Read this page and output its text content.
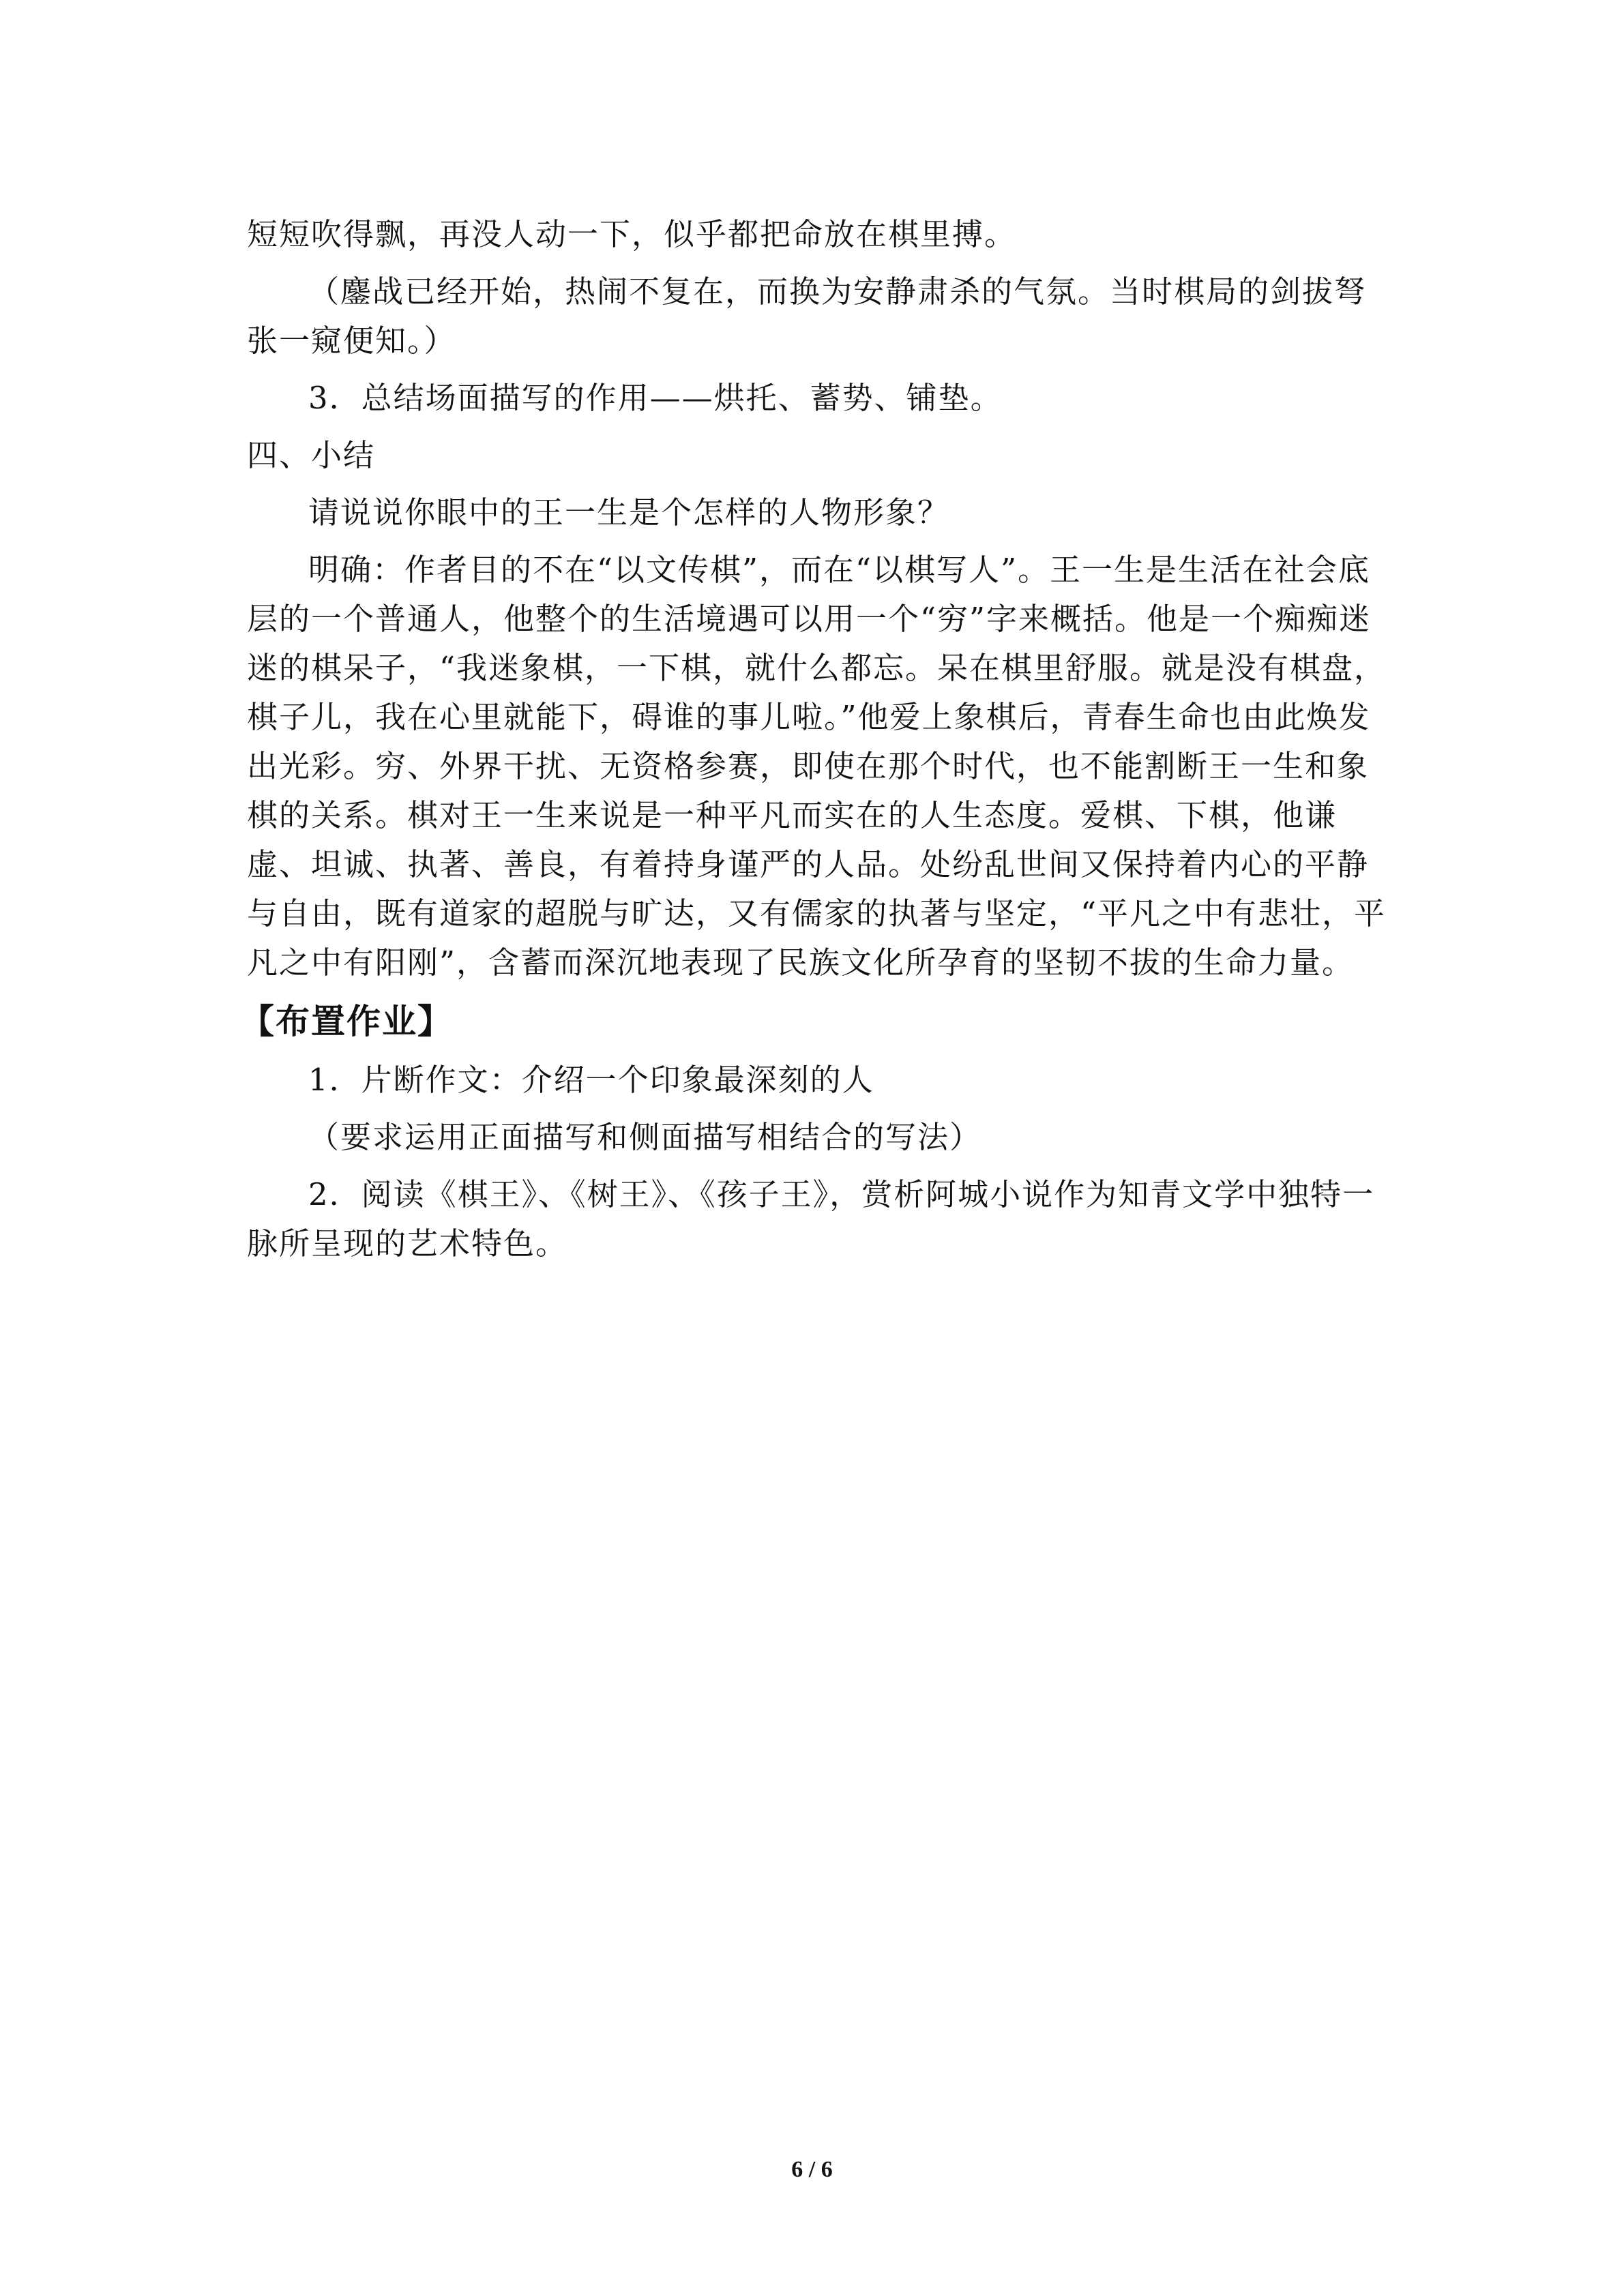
短短吹得飘，再没人动一下，似乎都把命放在棋里搏。

（鏖战已经开始，热闹不复在，而换为安静肃杀的气氛。当时棋局的剑拔弩张一窥便知。）

3．总结场面描写的作用——烘托、蓄势、铺垫。

四、小结

请说说你眼中的王一生是个怎样的人物形象？

明确：作者目的不在“以文传棋”，而在“以棋写人”。王一生是生活在社会底层的一个普通人，他整个的生活境遇可以用一个“穷”字来概括。他是一个痴痴迷迷的棋呆子，“我迷象棋，一下棋，就什么都忘。呆在棋里舒服。就是没有棋盘，棋子儿，我在心里就能下，碍谁的事儿啦。”他爱上象棋后，青春生命也由此焕发出光彩。穷、外界干扰、无资格参赛，即使在那个时代，也不能割断王一生和象棋的关系。棋对王一生来说是一种平凡而实在的人生态度。爱棋、下棋，他谦虚、坦诚、执著、善良，有着持身谨严的人品。处纷乱世间又保持着内心的平静与自由，既有道家的超脱与旷达，又有儒家的执著与坚定，“平凡之中有悲壮，平凡之中有阳刚”，含蓄而深沉地表现了民族文化所孕育的坚韧不拔的生命力量。

【布置作业】

1．片断作文：介绍一个印象最深刻的人

（要求运用正面描写和侧面描写相结合的写法）

2．阅读《棋王》、《树王》、《孩子王》，赏析阿城小说作为知青文学中独特一脉所呈现的艺术特色。

6 / 6
